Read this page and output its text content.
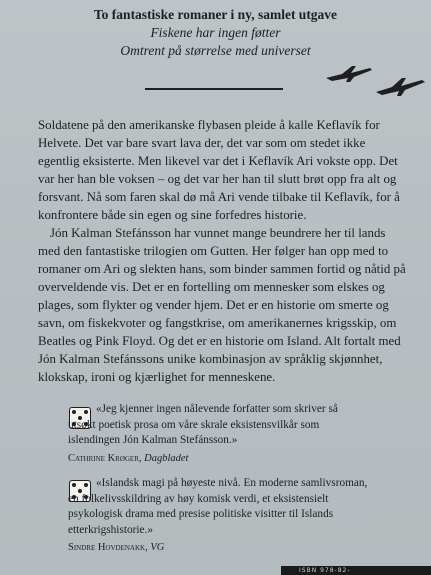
To fantastiske romaner i ny, samlet utgave
Fiskene har ingen føtter
Omtrent på størrelse med universet

Soldatene på den amerikanske flybasen pleide å kalle Keflavík for Helvete. Det var bare svart lava der, det var som om stedet ikke egentlig eksisterte. Men likevel var det i Keflavík Ari vokste opp. Det var her han ble voksen – og det var her han til slutt brøt opp fra alt og forsvant. Nå som faren skal dø må Ari vende tilbake til Keflavík, for å konfrontere både sin egen og sine forfedres historie.

Jón Kalman Stefánsson har vunnet mange beundrere her til lands med den fantastiske trilogien om Gutten. Her følger han opp med to romaner om Ari og slekten hans, som binder sammen fortid og nåtid på overveldende vis. Det er en fortelling om mennesker som elskes og plages, som flykter og vender hjem. Det er en historie om smerte og savn, om fiskekvoter og fangstkrise, om amerikanernes krigsskip, om Beatles og Pink Floyd. Og det er en historie om Island. Alt fortalt med Jón Kalman Stefánssons unike kombinasjon av språklig skjønnhet, klokskap, ironi og kjærlighet for menneskene.

«Jeg kjenner ingen nålevende forfatter som skriver så utsøkt poetisk prosa om våre skrale eksistensvilkår som islendingen Jón Kalman Stefánsson.»

Cathrine Krøger, Dagbladet

«Islandsk magi på høyeste nivå. En moderne samlivsroman, en folkelivsskildring av høy komisk verdi, et eksistensielt psykologisk drama med presise politiske visitter til Islands etterkrigshistorie.»

Sindre Hovdenakk, VG
ISBN 978-82-
